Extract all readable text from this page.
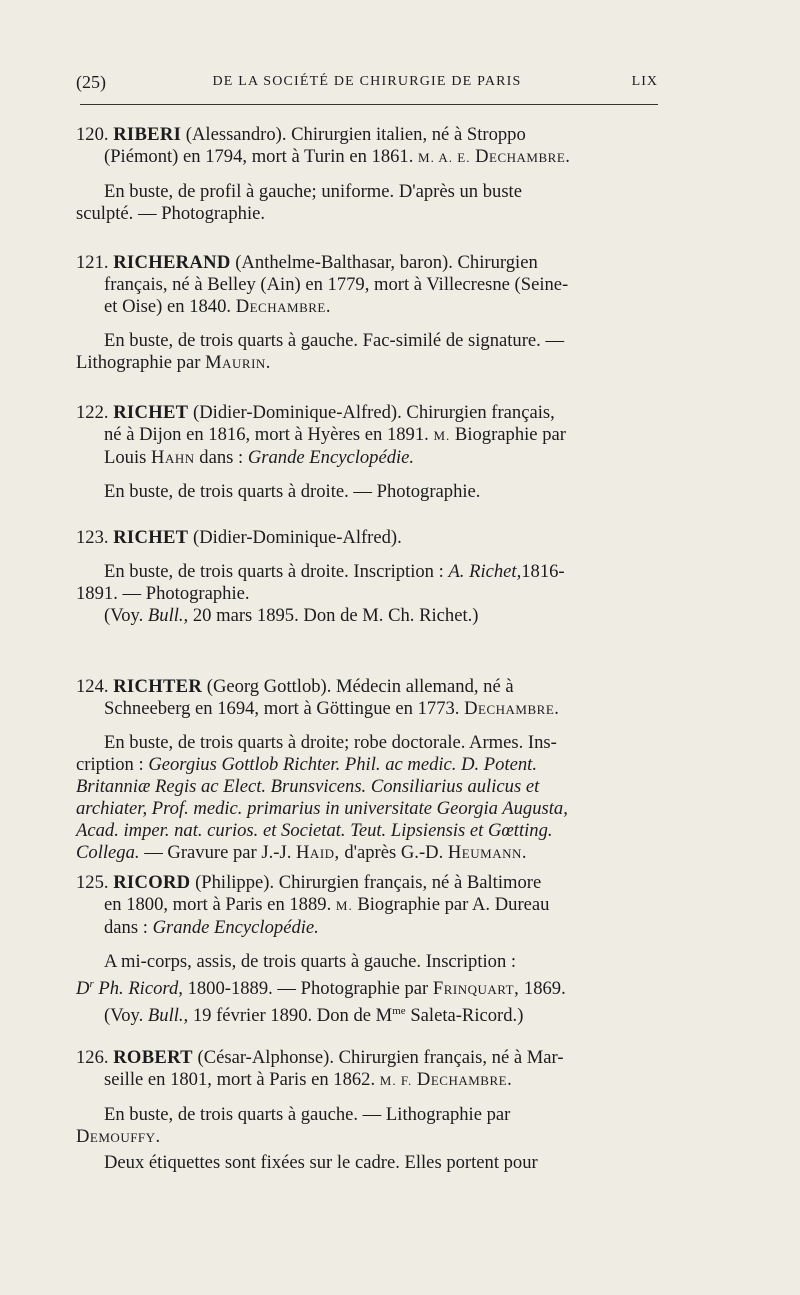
(25)	DE LA SOCIÉTÉ DE CHIRURGIE DE PARIS	LIX

120. RIBERI (Alessandro). Chirurgien italien, né à Stroppo

(Piémont) en 1794, mort à Turin en 1861. M. A. E. Dechambre.

En buste, de profil à gauche; uniforme. D'après un buste

sculpté. — Photographie.

121. RICHERAND (Anthelme-Balthasar, baron). Chirurgien

français, né à Belley (Ain) en 1779, mort à Villecresne (Seine-

et Oise) en 1840. Dechambre.

En buste, de trois quarts à gauche. Fac-similé de signature. —

Lithographie par Maurin.

122. RICHET (Didier-Dominique-Alfred). Chirurgien français,

né à Dijon en 1816, mort à Hyères en 1891. M. Biographie par

Louis Hahn dans : Grande Encyclopédie.

En buste, de trois quarts à droite. — Photographie.

123. RICHET (Didier-Dominique-Alfred).

En buste, de trois quarts à droite. Inscription : A. Richet,1816-

1891. — Photographie.

(Voy. Bull., 20 mars 1895. Don de M. Ch. Richet.)

124. RICHTER (Georg Gottlob). Médecin allemand, né à

Schneeberg en 1694, mort à Göttingue en 1773. Dechambre.

En buste, de trois quarts à droite; robe doctorale. Armes. Ins-

cription : Georgius Gottlob Richter. Phil. ac medic. D. Potent.

Britanniæ Regis ac Elect. Brunsvicens. Consiliarius aulicus et

archiater, Prof. medic. primarius in universitate Georgia Augusta,

Acad. imper. nat. curios. et Societat. Teut. Lipsiensis et Gœtting.

Collega. — Gravure par J.-J. Haid, d'après G.-D. Heumann.

125. RICORD (Philippe). Chirurgien français, né à Baltimore

en 1800, mort à Paris en 1889. M. Biographie par A. Dureau

dans : Grande Encyclopédie.

A mi-corps, assis, de trois quarts à gauche. Inscription :

$D^r$ Ph. Ricord, 1800-1889. — Photographie par Frinquart, 1869.

(Voy. Bull., 19 février 1890. Don de $M^{me}$ Saleta-Ricord.)

126. ROBERT (César-Alphonse). Chirurgien français, né à Mar-

seille en 1801, mort à Paris en 1862. M. F. Dechambre.

En buste, de trois quarts à gauche. — Lithographie par

Demouffy.

Deux étiquettes sont fixées sur le cadre. Elles portent pour
